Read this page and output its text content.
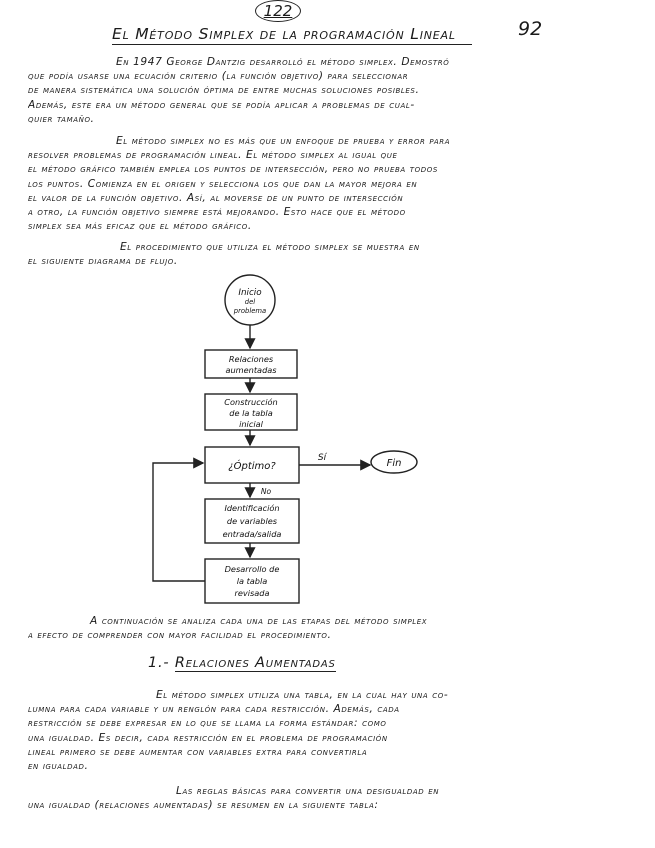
122
92
El Método Simplex de la programación Lineal
En 1947 George Dantzig desarrolló el método simplex. Demostró
que podía usarse una ecuación criterio (la función objetivo) para seleccionar
de manera sistemática una solución óptima de entre muchas soluciones posibles.
Además, este era un método general que se podía aplicar a problemas de cual-
quier tamaño.
El método simplex no es más que un enfoque de prueba y error para
resolver problemas de programación lineal. El método simplex al igual que
el método gráfico también emplea los puntos de intersección, pero no prueba todos
los puntos. Comienza en el origen y selecciona los que dan la mayor mejora en
el valor de la función objetivo. Así, al moverse de un punto de intersección
a otro, la función objetivo siempre está mejorando. Esto hace que el método
simplex sea más eficaz que el método gráfico.
El procedimiento que utiliza el método simplex se muestra en
el siguiente diagrama de flujo.
Inicio
del
problema
Relaciones
aumentadas
Construcción
de la tabla
inicial
¿Óptimo?
Sí	Fin
No
Identificación
de variables
entrada/salida
Desarrollo de
la tabla
revisada
A continuación se analiza cada una de las etapas del método simplex
a efecto de comprender con mayor facilidad el procedimiento.
1.- Relaciones Aumentadas
El método simplex utiliza una tabla, en la cual hay una co-
lumna para cada variable y un renglón para cada restricción. Además, cada
restricción se debe expresar en lo que se llama la forma estándar: como
una igualdad. Es decir, cada restricción en el problema de programación
lineal primero se debe aumentar con variables extra para convertirla
en igualdad.
Las reglas básicas para convertir una desigualdad en
una igualdad (relaciones aumentadas) se resumen en la siguiente tabla:
